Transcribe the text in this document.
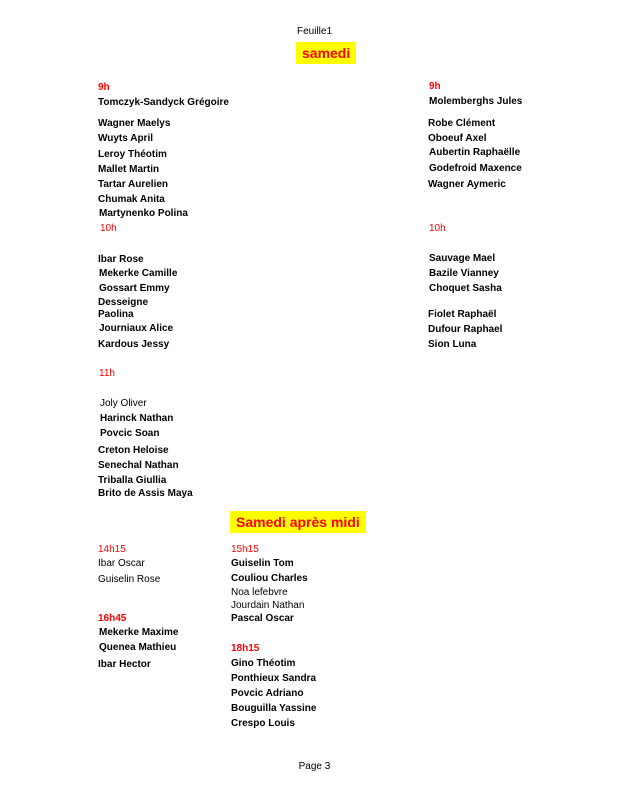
Feuille1
samedi
9h
Tomczyk-Sandyck Grégoire
Wagner Maelys
Wuyts April
Leroy Théotim
Mallet Martin
Tartar Aurelien
Chumak Anita
Martynenko Polina
10h
Ibar Rose
Mekerke Camille
Gossart Emmy
Desseigne
Paolina
Journiaux Alice
Kardous Jessy
11h
Joly Oliver
Harinck Nathan
Povcic Soan
Creton Heloise
Senechal Nathan
Triballa Giullia
Brito de Assis Maya
9h
Molemberghs Jules
Robe Clément
Oboeuf Axel
Aubertin Raphaëlle
Godefroid Maxence
Wagner Aymeric
10h
Sauvage Mael
Bazile Vianney
Choquet Sasha
Fiolet Raphaël
Dufour Raphael
Sion Luna
Samedi après midi
14h15
Ibar Oscar
Guiselin Rose
16h45
Mekerke Maxime
Quenea Mathieu
Ibar Hector
15h15
Guiselin Tom
Couliou Charles
Noa lefebvre
Jourdain Nathan
Pascal Oscar
18h15
Gino Théotim
Ponthieux Sandra
Povcic Adriano
Bouguilla Yassine
Crespo Louis
Page 3
